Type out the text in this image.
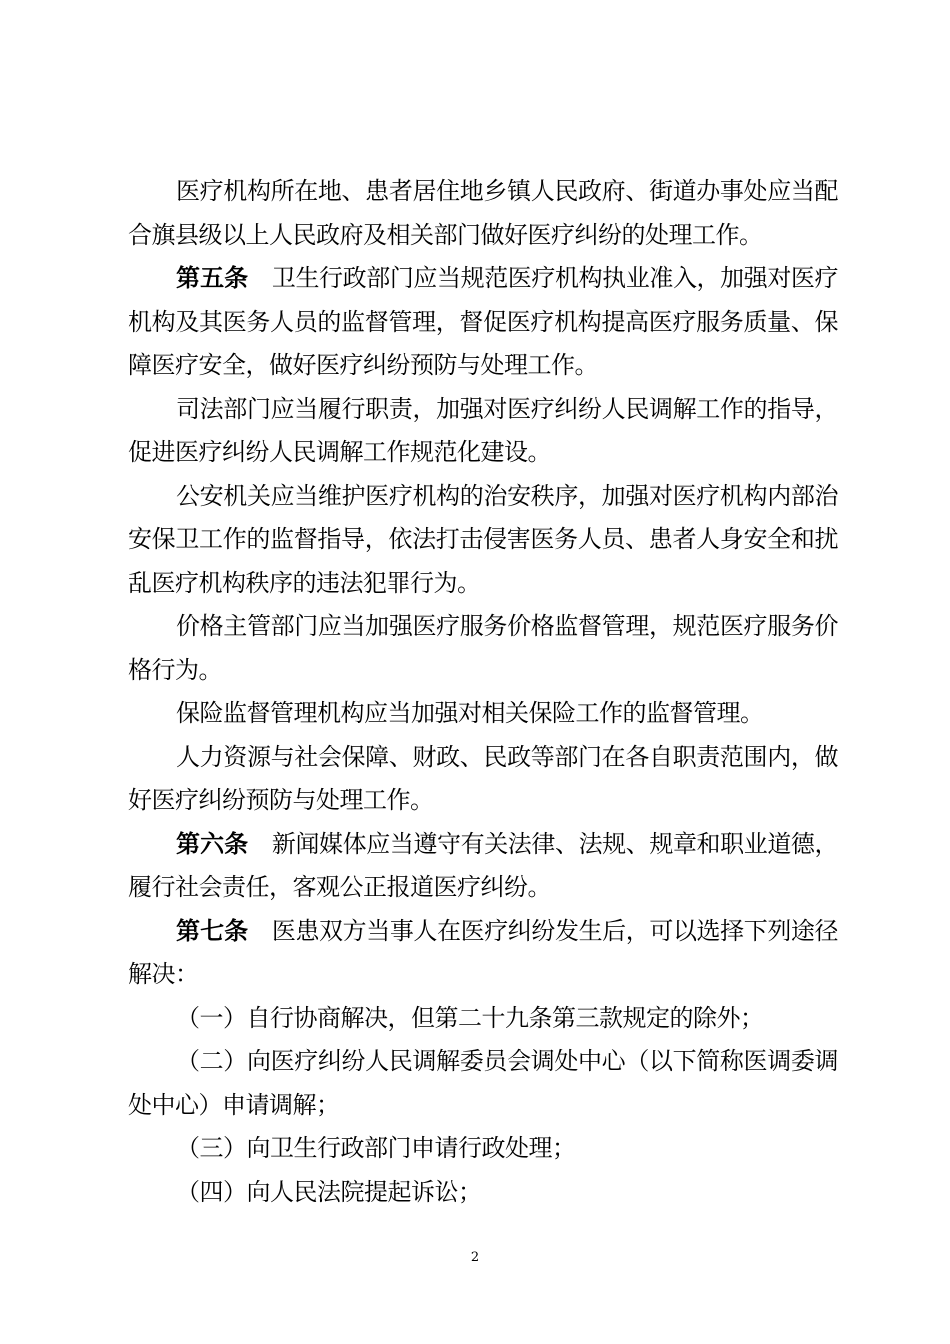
医疗机构所在地、患者居住地乡镇人民政府、街道办事处应当配合旗县级以上人民政府及相关部门做好医疗纠纷的处理工作。

第五条　卫生行政部门应当规范医疗机构执业准入，加强对医疗机构及其医务人员的监督管理，督促医疗机构提高医疗服务质量、保障医疗安全，做好医疗纠纷预防与处理工作。

司法部门应当履行职责，加强对医疗纠纷人民调解工作的指导，促进医疗纠纷人民调解工作规范化建设。

公安机关应当维护医疗机构的治安秩序，加强对医疗机构内部治安保卫工作的监督指导，依法打击侵害医务人员、患者人身安全和扰乱医疗机构秩序的违法犯罪行为。

价格主管部门应当加强医疗服务价格监督管理，规范医疗服务价格行为。

保险监督管理机构应当加强对相关保险工作的监督管理。

人力资源与社会保障、财政、民政等部门在各自职责范围内，做好医疗纠纷预防与处理工作。

第六条　新闻媒体应当遵守有关法律、法规、规章和职业道德，履行社会责任，客观公正报道医疗纠纷。

第七条　医患双方当事人在医疗纠纷发生后，可以选择下列途径解决：

（一）自行协商解决，但第二十九条第三款规定的除外；

（二）向医疗纠纷人民调解委员会调处中心（以下简称医调委调处中心）申请调解；

（三）向卫生行政部门申请行政处理；

（四）向人民法院提起诉讼；

2
